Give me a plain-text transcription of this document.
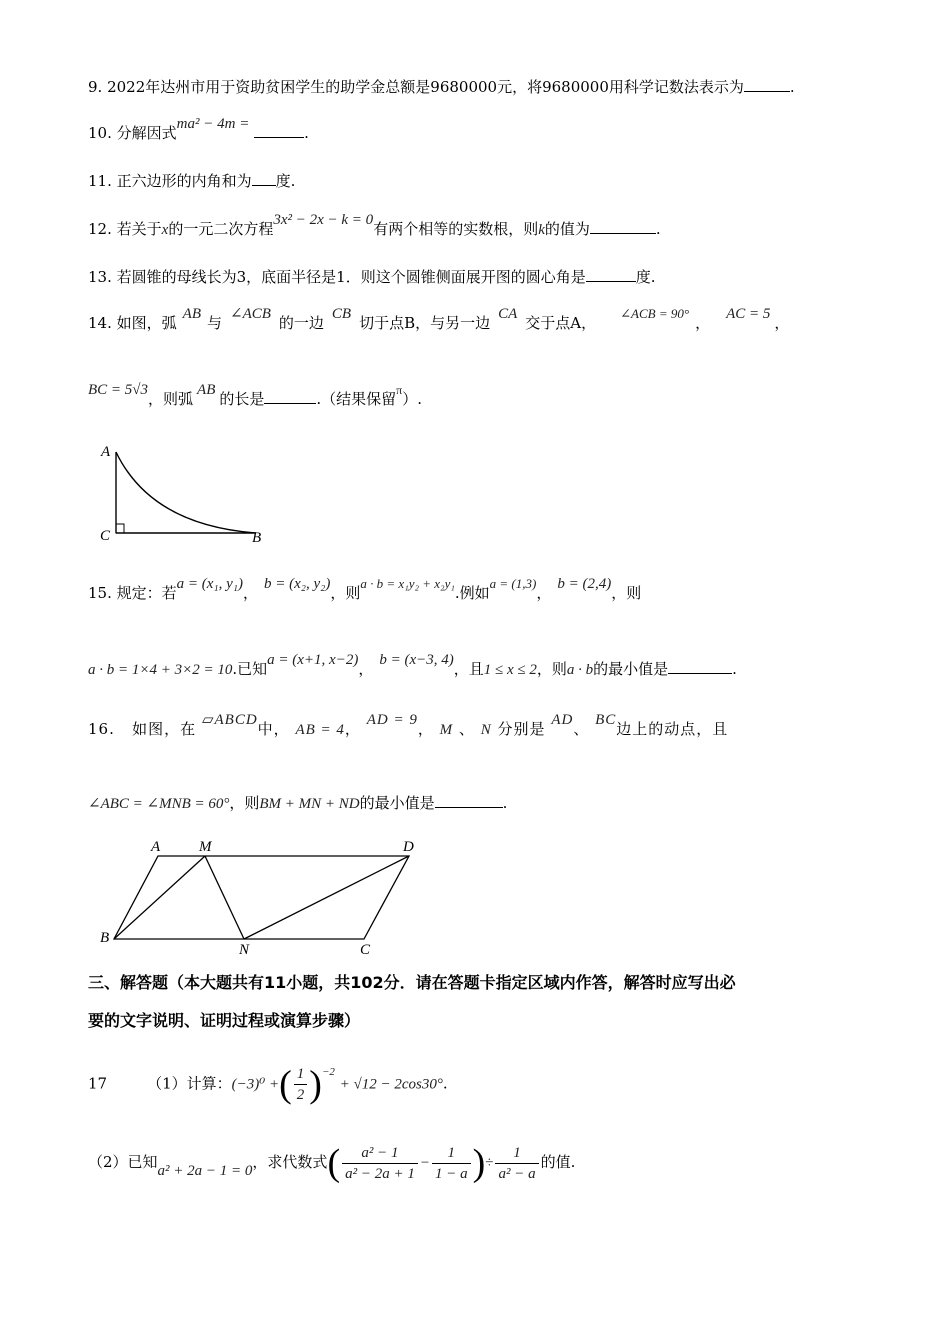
9. 2022年达州市用于资助贫困学生的助学金总额是9680000元，将9680000用科学记数法表示为	.
10. 分解因式ma² − 4m =	.
11. 正六边形的内角和为 度.
12. 若关于x的一元二次方程3x² − 2x − k = 0有两个相等的实数根，则k的值为	.
13. 若圆锥的母线长为3，底面半径是1．则这个圆锥侧面展开图的圆心角是	度.
14. 如图，弧 AB 与 ∠ACB 的一边 CB 切于点B，与另一边 CA 交于点A，∠ACB = 90°， AC = 5 ，
BC = 5√3，则弧 AB 的长是	.（结果保留$^\pi$）.
A
C	B
15. 规定：若a = (x₁, y₁)， b = (x₂, y₂)，则a · b = x₁y₂ + x₂y₁.例如a = (1,3)， b = (2,4)，则
a · b = 1×4 + 3×2 = 10.已知a = (x+1, x−2)， b = (x−3, 4)，且1 ≤ x ≤ 2，则a · b的最小值是	.
16. 如图，在 ▱ABCD中， AB = 4， AD = 9， M 、 N 分别是 AD、 BC边上的动点，且
∠ABC = ∠MNB = 60°，则BM + MN + ND的最小值是	.
A	M	D
B
N	C
三、解答题（本大题共有11小题，共102分．请在答题卡指定区域内作答，解答时应写出必
要的文字说明、证明过程或演算步骤）
17	（1）计算：(−3)⁰ +( $\frac{1}{2} )^{-2} + √12 - 2\cos 30^\circ$.
（2）已知a² + 2a − 1 = 0，求代数式( $\frac{\text{a² − 1}}{\text{a² − 2a + 1}} - \frac{1}{1 - a}$ )÷ $\frac{1}{\text{a² − a}}$ 的值.
